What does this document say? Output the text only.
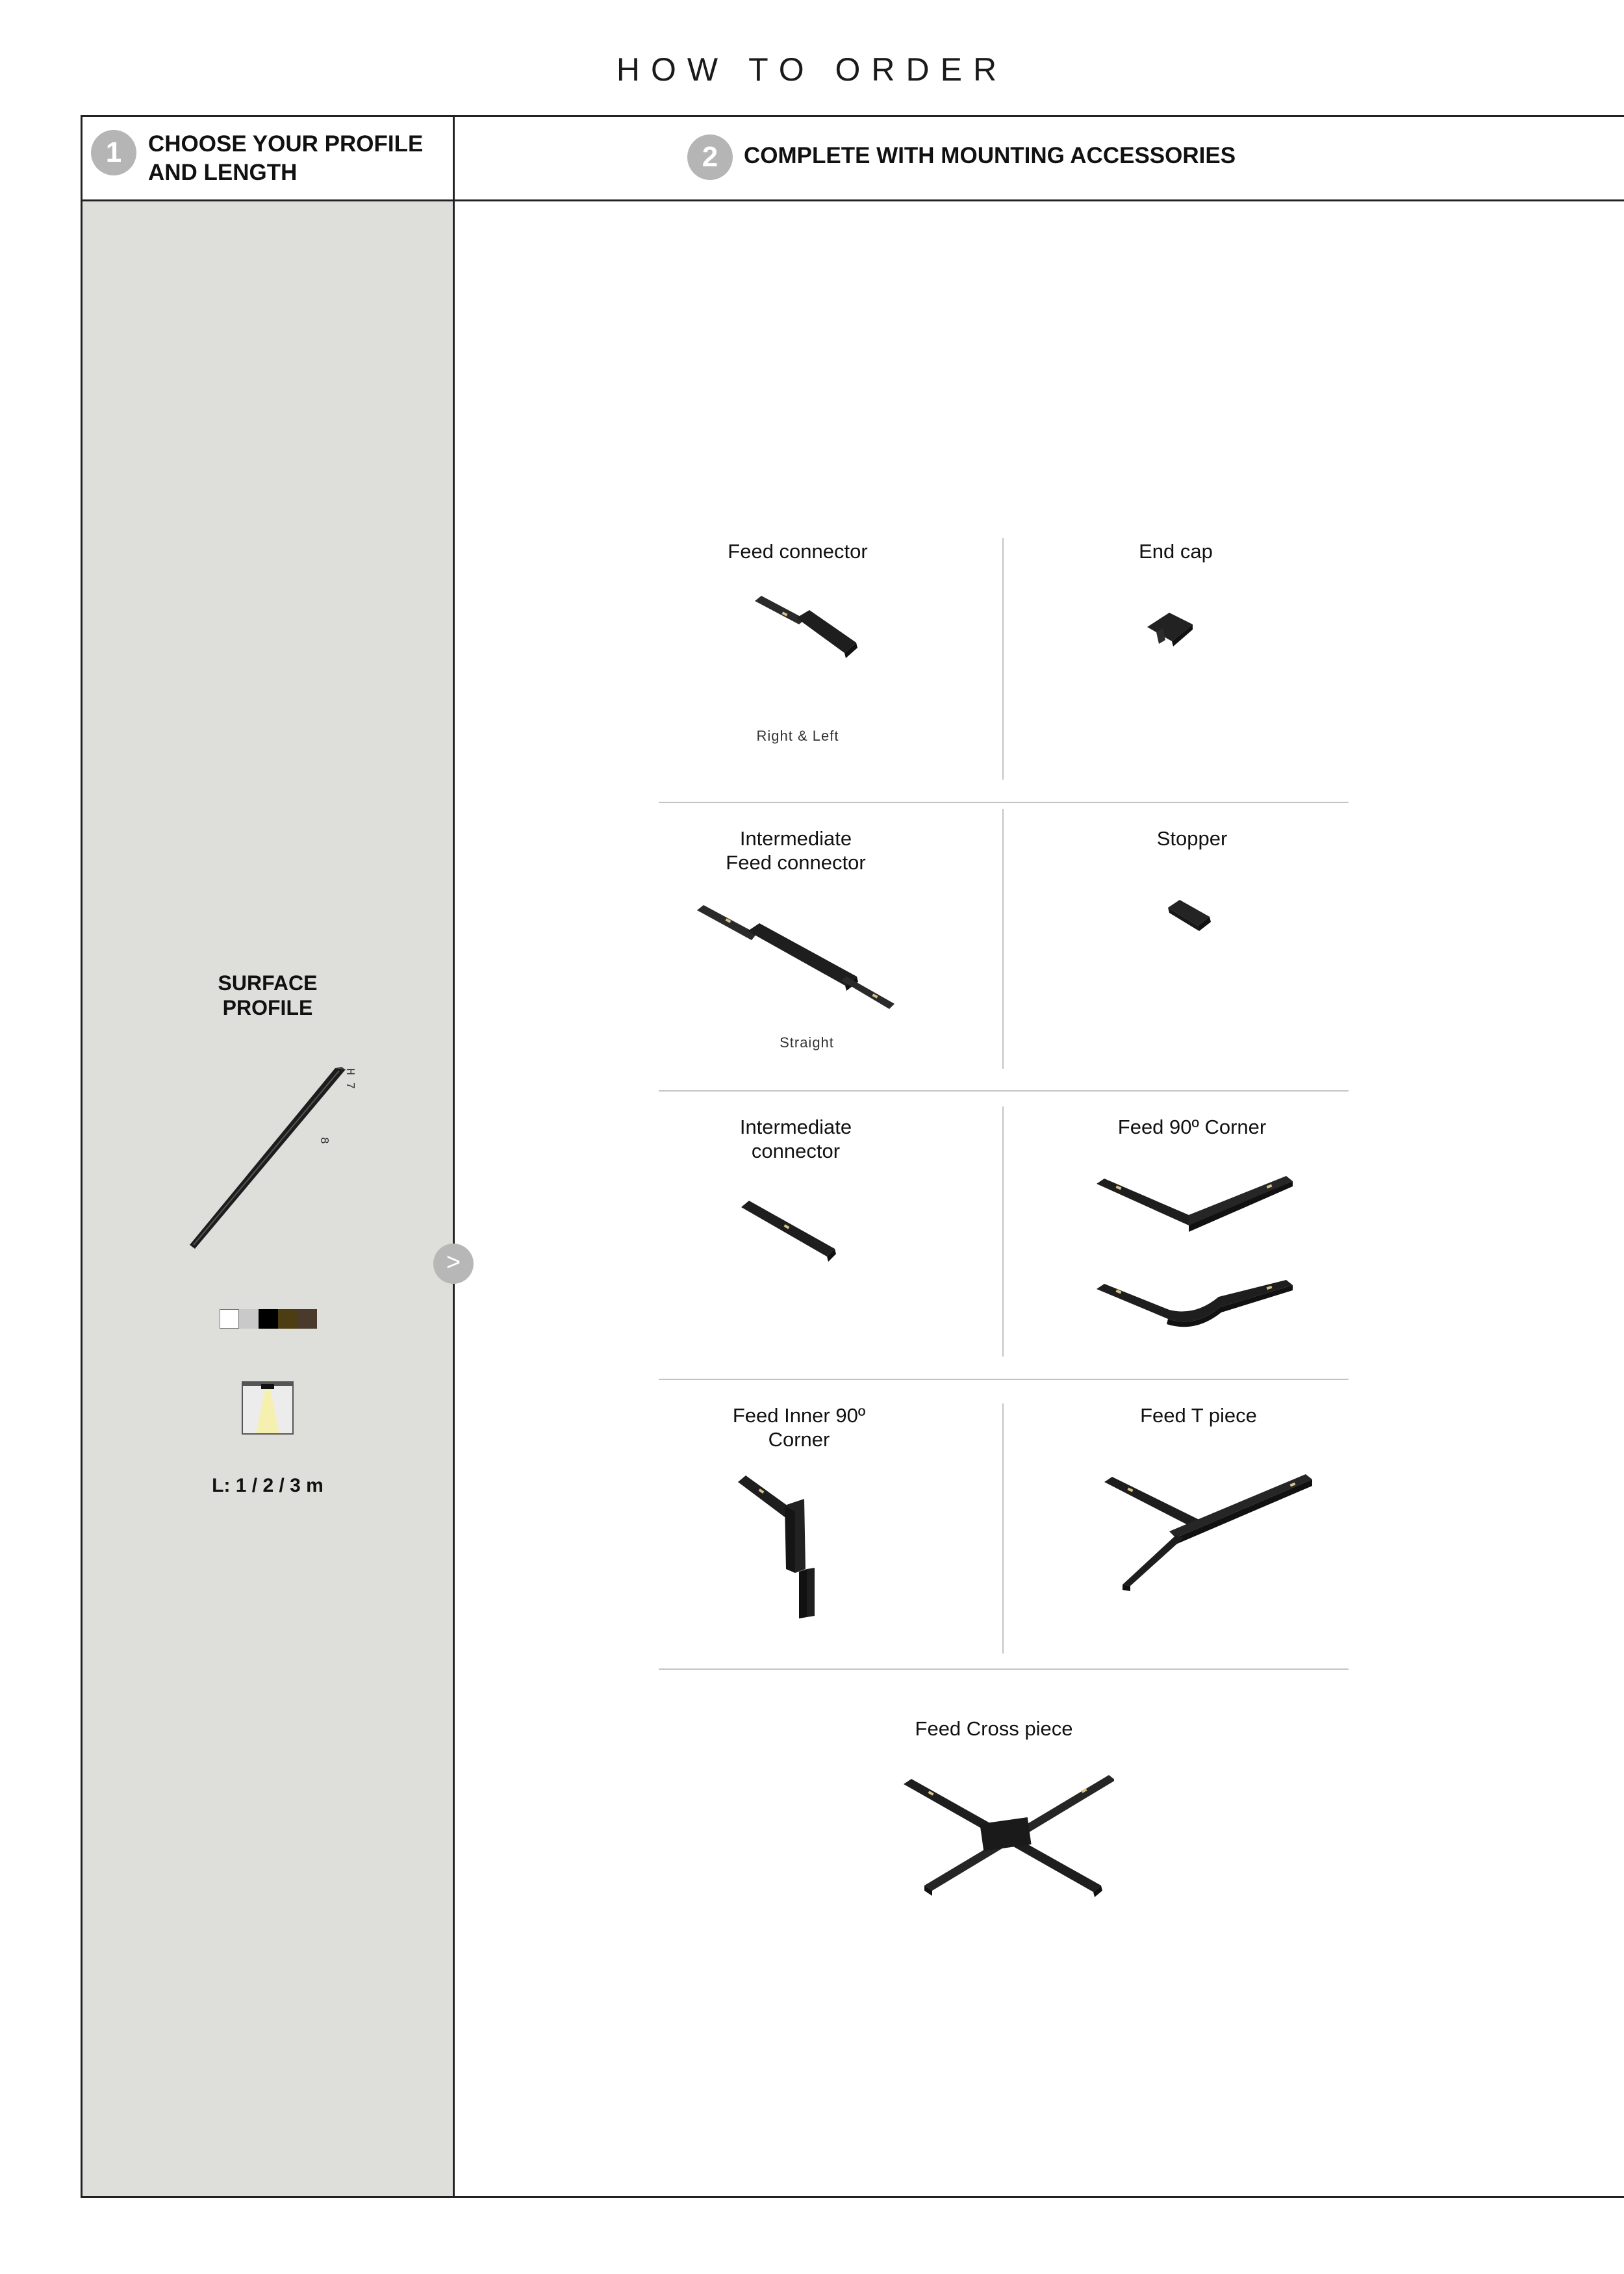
HOW TO ORDER
1	CHOOSE YOUR PROFILE
AND LENGTH	2	COMPLETE WITH MOUNTING ACCESSORIES
SURFACE
PROFILE
H 7
8
L: 1 / 2 / 3 m
>
Feed connector
Right & Left
End cap
Intermediate
Feed connector
Straight
Stopper
Intermediate
connector
Feed 90º Corner
Feed Inner 90º
Corner
Feed T piece
Feed Cross piece
